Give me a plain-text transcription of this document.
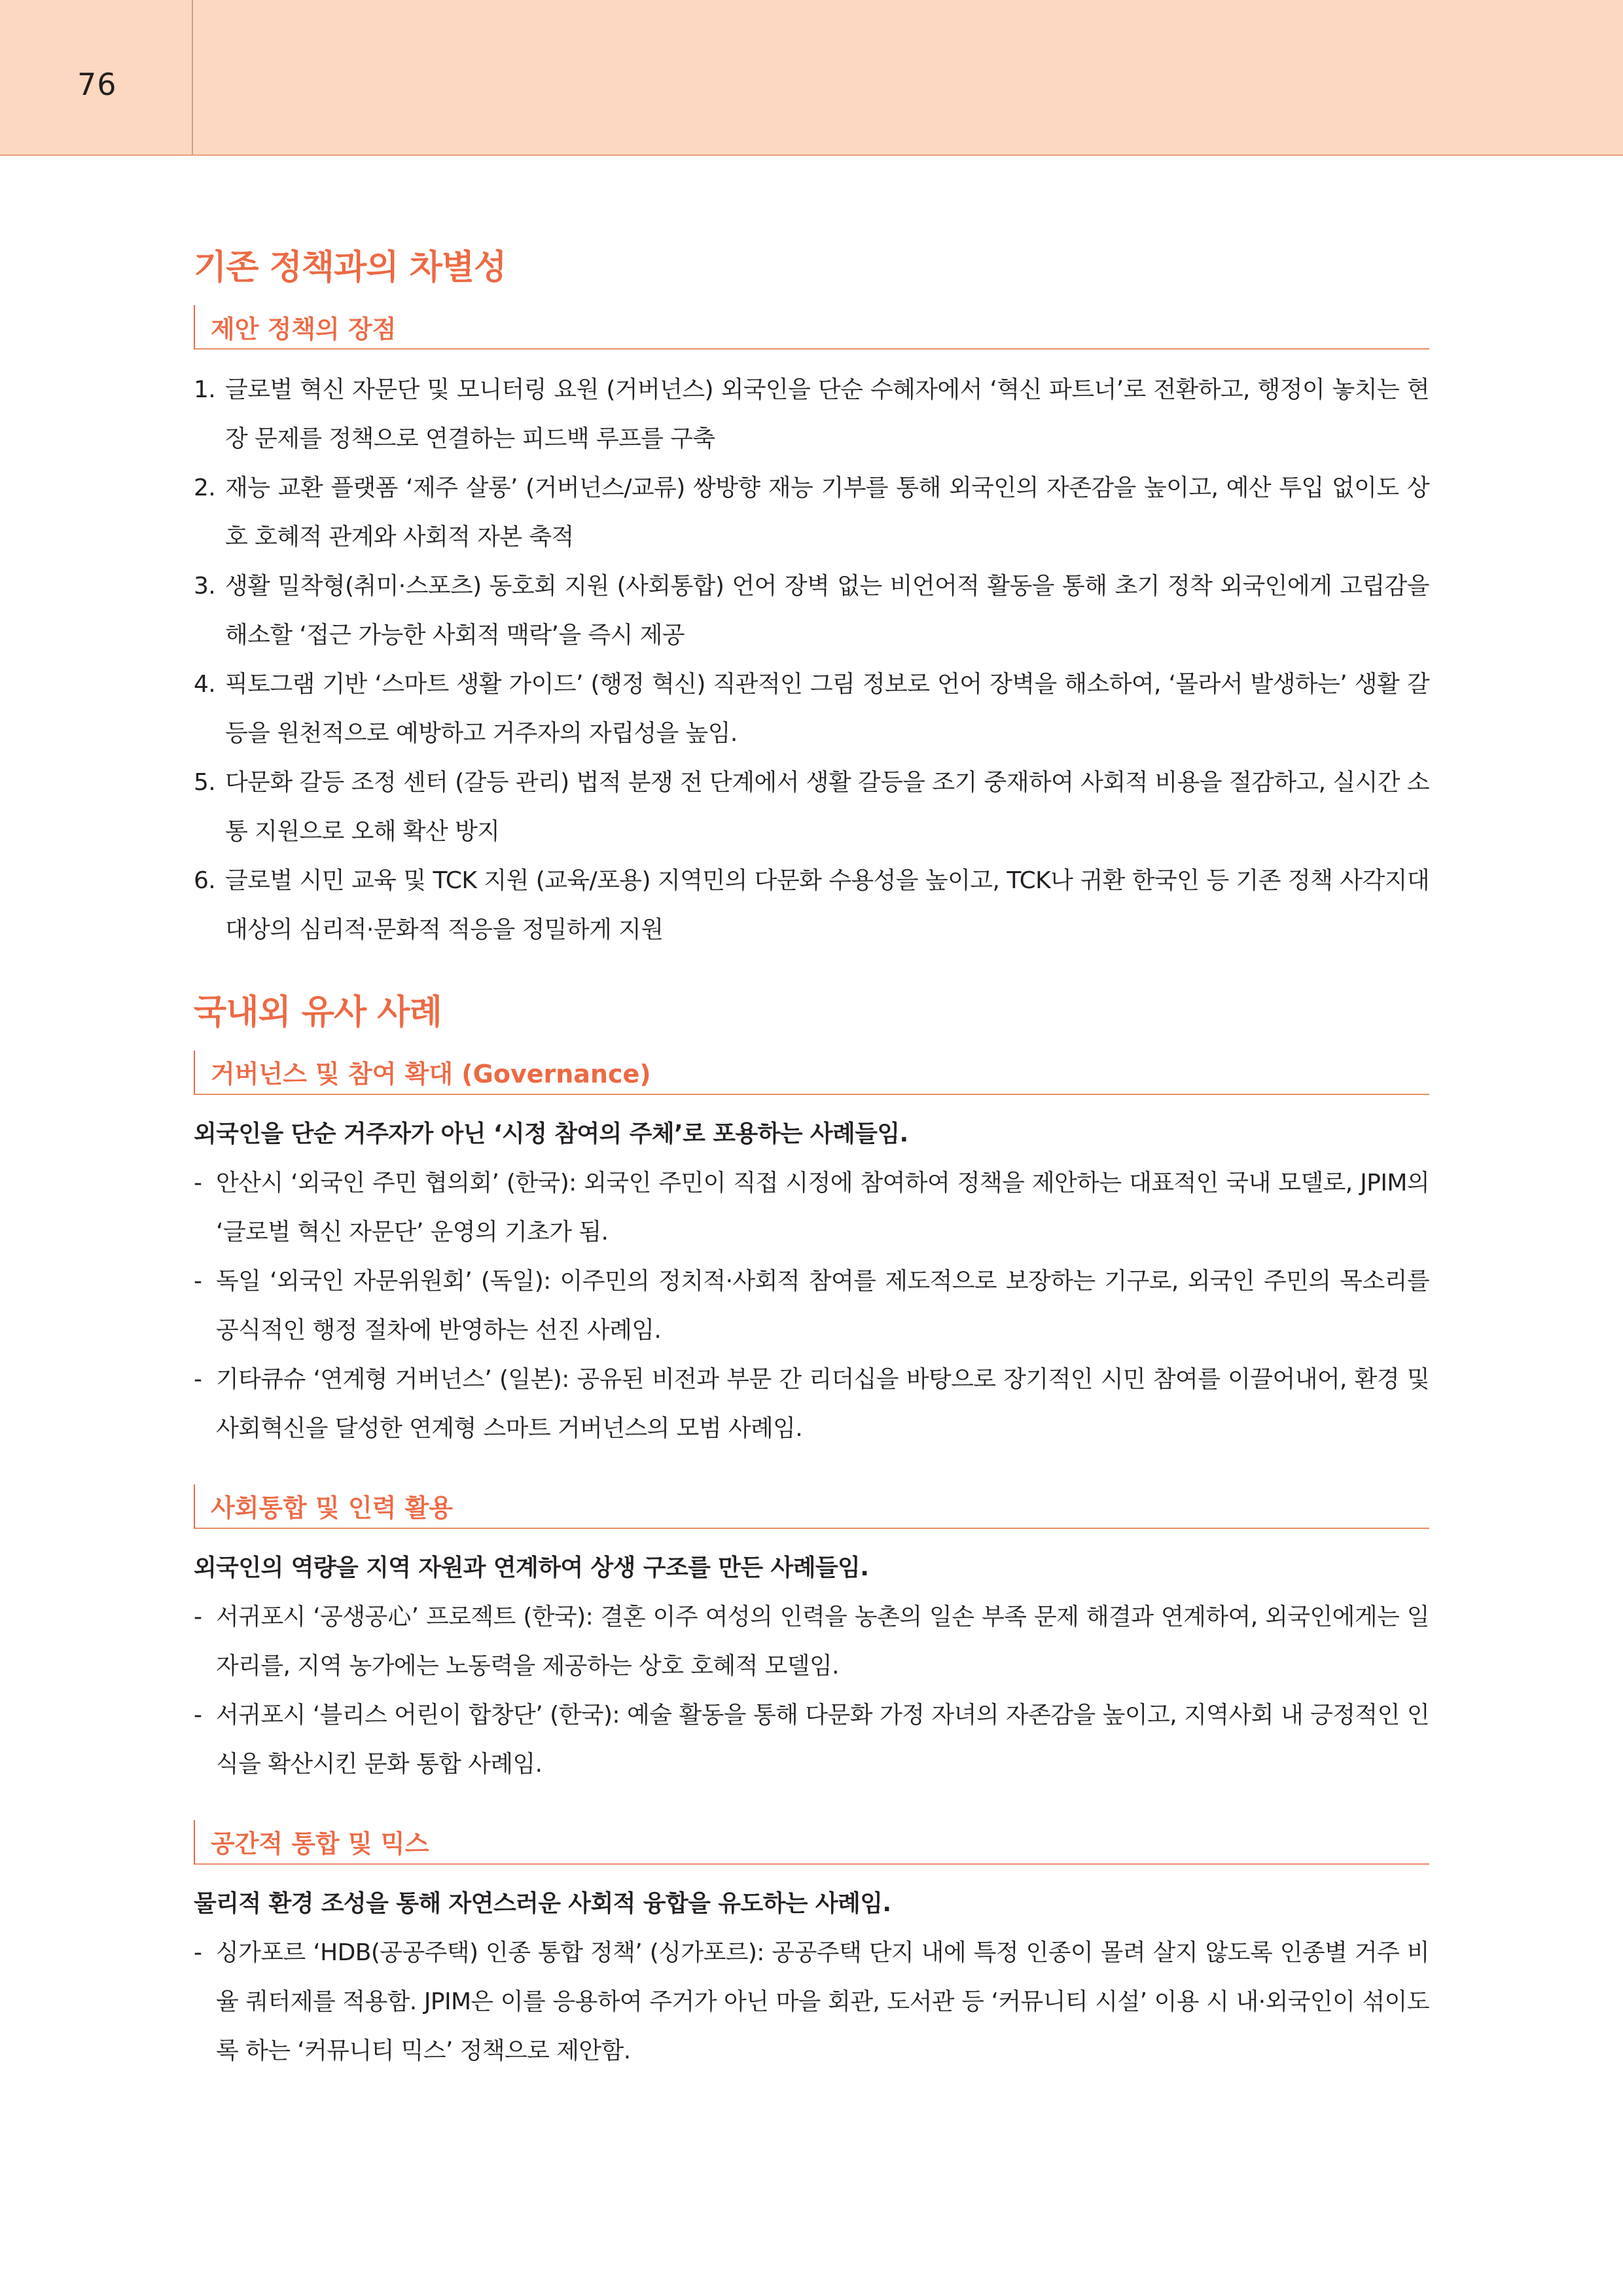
76
기존 정책과의 차별성
제안 정책의 장점
1. 글로벌 혁신 자문단 및 모니터링 요원 (거버넌스) 외국인을 단순 수혜자에서 ‘혁신 파트너’로 전환하고, 행정이 놓치는 현장 문제를 정책으로 연결하는 피드백 루프를 구축
2. 재능 교환 플랫폼 ‘제주 살롱’ (거버넌스/교류) 쌍방향 재능 기부를 통해 외국인의 자존감을 높이고, 예산 투입 없이도 상호 호혜적 관계와 사회적 자본 축적
3. 생활 밀착형(취미·스포츠) 동호회 지원 (사회통합) 언어 장벽 없는 비언어적 활동을 통해 초기 정착 외국인에게 고립감을 해소할 ‘접근 가능한 사회적 맥락’을 즉시 제공
4. 픽토그램 기반 ‘스마트 생활 가이드’ (행정 혁신) 직관적인 그림 정보로 언어 장벽을 해소하여, ‘몰라서 발생하는’ 생활 갈등을 원천적으로 예방하고 거주자의 자립성을 높임.
5. 다문화 갈등 조정 센터 (갈등 관리) 법적 분쟁 전 단계에서 생활 갈등을 조기 중재하여 사회적 비용을 절감하고, 실시간 소통 지원으로 오해 확산 방지
6. 글로벌 시민 교육 및 TCK 지원 (교육/포용) 지역민의 다문화 수용성을 높이고, TCK나 귀환 한국인 등 기존 정책 사각지대 대상의 심리적·문화적 적응을 정밀하게 지원
국내외 유사 사례
거버넌스 및 참여 확대 (Governance)
외국인을 단순 거주자가 아닌 ‘시정 참여의 주체’로 포용하는 사례들임.
- 안산시 ‘외국인 주민 협의회’ (한국): 외국인 주민이 직접 시정에 참여하여 정책을 제안하는 대표적인 국내 모델로, JPIM의 ‘글로벌 혁신 자문단’ 운영의 기초가 됨.
- 독일 ‘외국인 자문위원회’ (독일): 이주민의 정치적·사회적 참여를 제도적으로 보장하는 기구로, 외국인 주민의 목소리를 공식적인 행정 절차에 반영하는 선진 사례임.
- 기타큐슈 ‘연계형 거버넌스’ (일본): 공유된 비전과 부문 간 리더십을 바탕으로 장기적인 시민 참여를 이끌어내어, 환경 및 사회혁신을 달성한 연계형 스마트 거버넌스의 모범 사례임.
사회통합 및 인력 활용
외국인의 역량을 지역 자원과 연계하여 상생 구조를 만든 사례들임.
- 서귀포시 ‘공생공心’ 프로젝트 (한국): 결혼 이주 여성의 인력을 농촌의 일손 부족 문제 해결과 연계하여, 외국인에게는 일자리를, 지역 농가에는 노동력을 제공하는 상호 호혜적 모델임.
- 서귀포시 ‘블리스 어린이 합창단’ (한국): 예술 활동을 통해 다문화 가정 자녀의 자존감을 높이고, 지역사회 내 긍정적인 인식을 확산시킨 문화 통합 사례임.
공간적 통합 및 믹스
물리적 환경 조성을 통해 자연스러운 사회적 융합을 유도하는 사례임.
- 싱가포르 ‘HDB(공공주택) 인종 통합 정책’ (싱가포르): 공공주택 단지 내에 특정 인종이 몰려 살지 않도록 인종별 거주 비율 쿼터제를 적용함. JPIM은 이를 응용하여 주거가 아닌 마을 회관, 도서관 등 ‘커뮤니티 시설’ 이용 시 내·외국인이 섞이도록 하는 ‘커뮤니티 믹스’ 정책으로 제안함.
